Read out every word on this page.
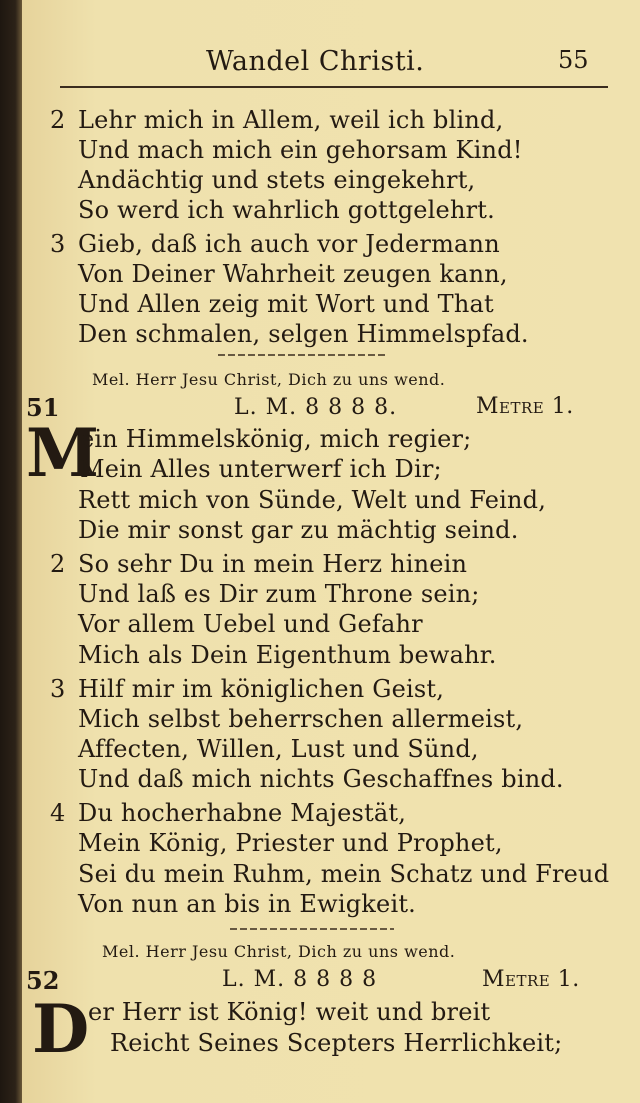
Wandel Christi.	55
2 Lehr mich in Allem, weil ich blind,
Und mach mich ein gehorsam Kind!
Andächtig und stets eingekehrt,
So werd ich wahrlich gottgelehrt.
3 Gieb, daß ich auch vor Jedermann
Von Deiner Wahrheit zeugen kann,
Und Allen zeig mit Wort und That
Den schmalen, selgen Himmelspfad.
Mel. Herr Jesu Christ, Dich zu uns wend.
51	L. M. 8 8 8 8.	Metre 1.
M
ein Himmelskönig, mich regier;
Mein Alles unterwerf ich Dir;
Rett mich von Sünde, Welt und Feind,
Die mir sonst gar zu mächtig seind.
2 So sehr Du in mein Herz hinein
Und laß es Dir zum Throne sein;
Vor allem Uebel und Gefahr
Mich als Dein Eigenthum bewahr.
3 Hilf mir im königlichen Geist,
Mich selbst beherrschen allermeist,
Affecten, Willen, Lust und Sünd,
Und daß mich nichts Geschaffnes bind.
4 Du hocherhabne Majestät,
Mein König, Priester und Prophet,
Sei du mein Ruhm, mein Schatz und Freud
Von nun an bis in Ewigkeit.
Mel. Herr Jesu Christ, Dich zu uns wend.
52	L. M. 8 8 8 8	Metre 1.
D
er Herr ist König! weit und breit
Reicht Seines Scepters Herrlichkeit;
